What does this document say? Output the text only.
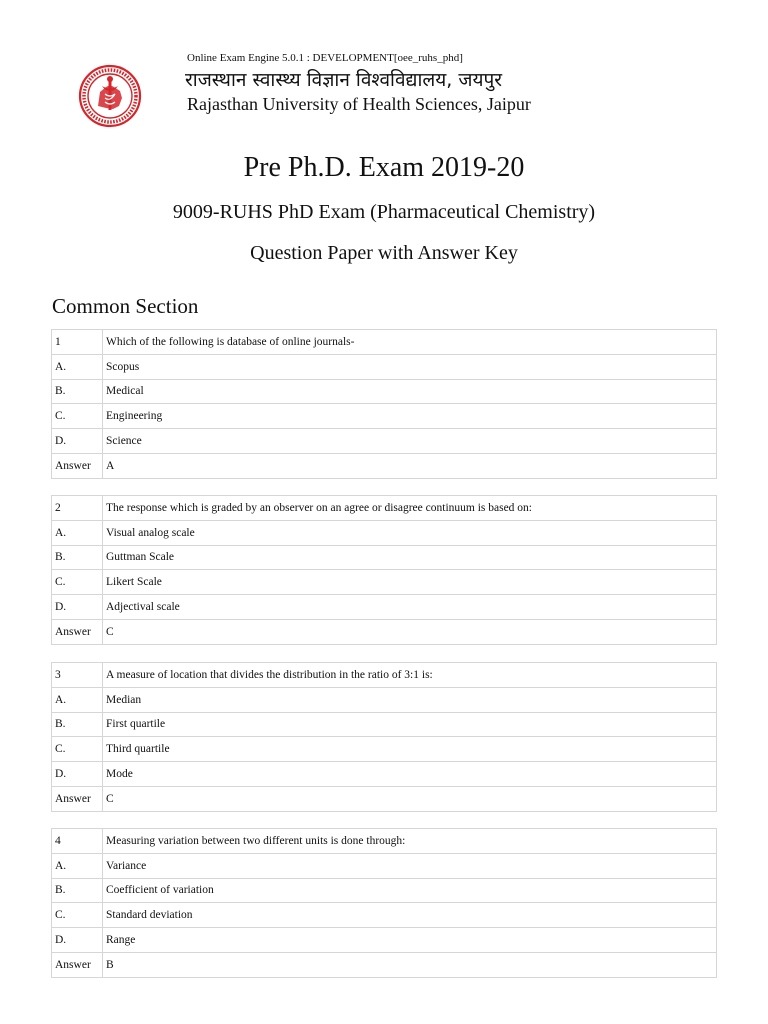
Online Exam Engine 5.0.1 : DEVELOPMENT[oee_ruhs_phd]
राजस्थान स्वास्थ्य विज्ञान विश्वविद्यालय, जयपुर
Rajasthan University of Health Sciences, Jaipur
Pre Ph.D. Exam 2019-20
9009-RUHS PhD Exam (Pharmaceutical Chemistry)
Question Paper with Answer Key
Common Section
1	Which of the following is database of online journals-
A.	Scopus
B.	Medical
C.	Engineering
D.	Science
Answer	A
2	The response which is graded by an observer on an agree or disagree continuum is based on:
A.	Visual analog scale
B.	Guttman Scale
C.	Likert Scale
D.	Adjectival scale
Answer	C
3	A measure of location that divides the distribution in the ratio of 3:1 is:
A.	Median
B.	First quartile
C.	Third quartile
D.	Mode
Answer	C
4	Measuring variation between two different units is done through:
A.	Variance
B.	Coefficient of variation
C.	Standard deviation
D.	Range
Answer	B
